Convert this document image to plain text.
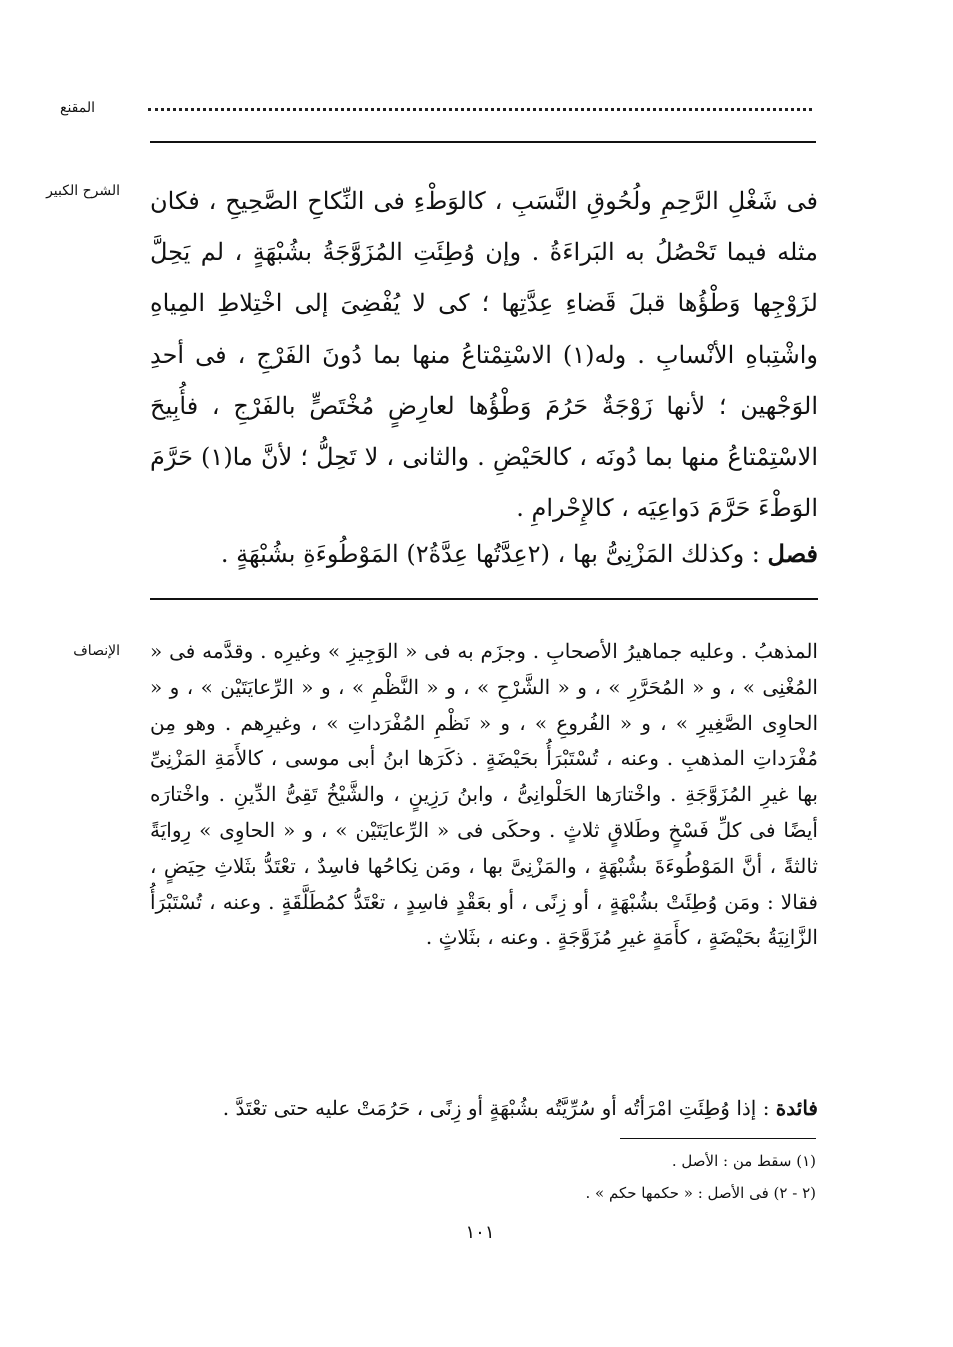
المقنع
الشرح الكبير
الإنصاف

فى شَغْلِ الرَّحِمِ ولُحُوقِ النَّسَبِ ، كالوَطْءِ فى النِّكاحِ الصَّحِيحِ ، فكان مثله فيما تَحْصُلُ به البَراءَةُ . وإن وُطِئَتِ المُزَوَّجَةُ بشُبْهَةٍ ، لم يَحِلَّ لزَوْجِها وَطْؤُها قبلَ قَضاءِ عِدَّتِها ؛ كى لا يُفْضِىَ إلى اخْتِلاطِ المِياهِ واشْتِباهِ الأنْسابِ . وله(١) الاسْتِمْتاعُ منها بما دُونَ الفَرْجِ ، فى أحدِ الوَجْهين ؛ لأنها زَوْجَةٌ حَرُمَ وَطْؤُها لعارِضٍ مُخْتَصٍّ بالفَرْجِ ، فأُبِيحَ الاسْتِمْتاعُ منها بما دُونَه ، كالحَيْضِ . والثانى ، لا تَحِلُّ ؛ لأنَّ ما(١) حَرَّمَ الوَطْءَ حَرَّمَ دَواعِيَه ، كالإِحْرامِ .

فصل : وكذلك المَزْنِىُّ بها ، (٢عِدَّتُها عِدَّةُ٢) المَوْطُوءَةِ بشُبْهَةٍ .

المذهبُ . وعليه جماهيرُ الأصحابِ . وجزَم به فى « الوَجِيزِ » وغيرِه . وقدَّمه فى « المُغْنِى » ، و « المُحَرَّرِ » ، و « الشَّرْحِ » ، و « النَّظْمِ » ، و « الرِّعايَتَيْن » ، و « الحاوِى الصَّغِيرِ » ، و « الفُروعِ » ، و « نَظْمِ المُفْرَداتِ » ، وغيرِهم . وهو مِن مُفْرَداتِ المذهبِ . وعنه ، تُسْتَبْرَأُ بحَيْضَةٍ . ذكَرَها ابنُ أبى موسى ، كالأَمَةِ المَزْنِىِّ بها غيرِ المُزَوَّجَةِ . واخْتارَها الحَلْوانِىُّ ، وابنُ رَزِينٍ ، والشَّيْخُ تَقِىُّ الدِّينِ . واخْتارَه أيضًا فى كلِّ فَسْخٍ وطَلاقٍ ثلاثٍ . وحكَى فى « الرِّعايَتَيْن » ، و « الحاوِى » رِوايَةً ثالثةً ، أنَّ المَوْطُوءَةَ بشُبْهَةٍ ، والمَزْنِىَّ بها ، ومَن نِكاحُها فاسِدٌ ، تعْتَدُّ بثَلاثِ حِيَضٍ ، فقالا : ومَن وُطِئَتْ بشُبْهَةٍ ، أو زِنًى ، أو بعَقْدٍ فاسِدٍ ، تعْتَدُّ كمُطَلَّقَةٍ . وعنه ، تُسْتَبْرَأُ الزَّانِيَةُ بحَيْضَةٍ ، كأَمَةٍ غيرِ مُزَوَّجَةٍ . وعنه ، بثَلاثٍ .

فائدة : إذا وُطِئَتِ امْرَأتُه أو سُرِّيَّتُه بشُبْهَةٍ أو زِنًى ، حَرُمَتْ عليه حتى تعْتَدَّ .
(١) سقط من : الأصل .
(٢ - ٢) فى الأصل : « حكمها حكم » .
١٠١
